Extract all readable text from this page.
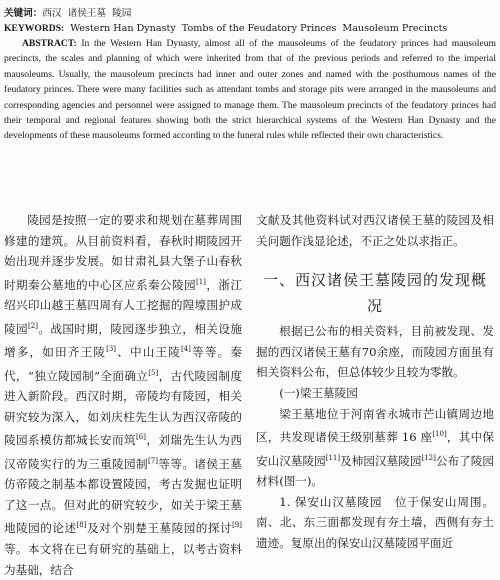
关键词：西汉 诸侯王墓 陵园
KEYWORDS: Western Han Dynasty Tombs of the Feudatory Princes Mausoleum Precincts

ABSTRACT: In the Western Han Dynasty, almost all of the mausoleums of the feudatory princes had mausoleum precincts, the scales and planning of which were inherited from that of the previous periods and referred to the imperial mausoleums. Usually, the mausoleum precincts had inner and outer zones and named with the posthumous names of the feudatory princes. There were many facilities such as attendant tombs and storage pits were arranged in the mausoleums and corresponding agencies and personnel were assigned to manage them. The mausoleum precincts of the feudatory princes had their temporal and regional features showing both the strict hierarchical systems of the Western Han Dynasty and the developments of these mausoleums formed according to the funeral rules while reflected their own characteristics.

陵园是按照一定的要求和规划在墓葬周围修建的建筑。从目前资料看，春秋时期陵园开始出现并逐步发展。如甘肃礼县大堡子山春秋时期秦公墓地的中心区应系秦公陵园[1]，浙江绍兴印山越王墓四周有人工挖掘的隍壕围护成陵园[2]。战国时期，陵园逐步独立，相关设施增多，如田齐王陵[3]、中山王陵[4]等等。秦代，“独立陵园制”全面确立[5]，古代陵园制度进入新阶段。西汉时期，帝陵均有陵园，相关研究较为深入，如刘庆柱先生认为西汉帝陵的陵园系模仿都城长安而筑[6]，刘瑞先生认为西汉帝陵实行的为三重陵园制[7]等等。诸侯王墓仿帝陵之制基本都设置陵园，考古发掘也证明了这一点。但对此的研究较少，如关于梁王墓地陵园的论述[8]及对个别楚王墓陵园的探讨[9]等。本文将在已有研究的基础上，以考古资料为基础，结合

文献及其他资料试对西汉诸侯王墓的陵园及相关问题作浅显论述，不正之处以求指正。

一、西汉诸侯王墓陵园的发现概况

根据已公布的相关资料，目前被发现、发掘的西汉诸侯王墓有70余座，而陵园方面虽有相关资料公布，但总体较少且较为零散。

(一)梁王墓陵园

梁王墓地位于河南省永城市芒山镇周边地区，共发现诸侯王级别墓葬 16 座[10]，其中保安山汉墓陵园[11]及柿园汉墓陵园[12]公布了陵园材料(图一)。

1. 保安山汉墓陵园　位于保安山周围。南、北、东三面都发现有夯土墙，西侧有夯土遗迹。复原出的保安山汉墓陵园平面近
